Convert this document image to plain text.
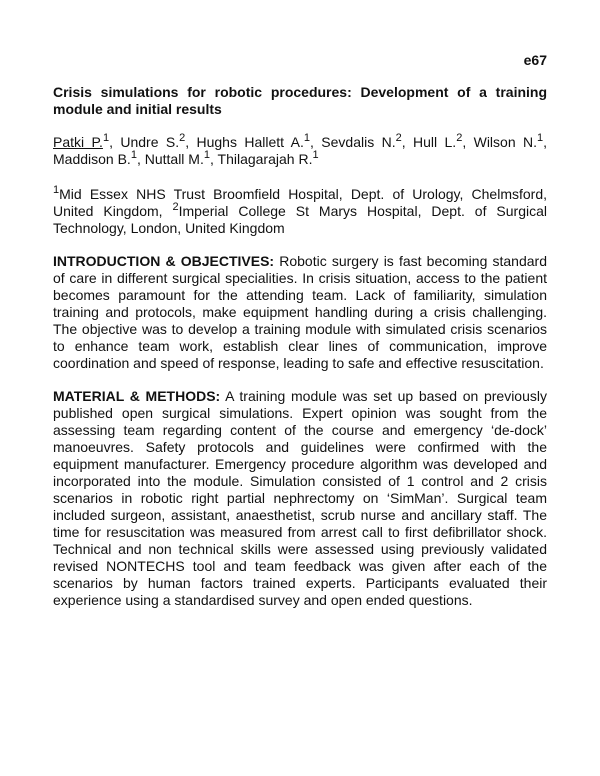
e67
Crisis simulations for robotic procedures: Development of a training module and initial results
Patki P.$^1$, Undre S.$^2$, Hughs Hallett A.$^1$, Sevdalis N.$^2$, Hull L.$^2$, Wilson N.$^1$, Maddison B.$^1$, Nuttall M.$^1$, Thilagarajah R.$^1$
$^1$Mid Essex NHS Trust Broomfield Hospital, Dept. of Urology, Chelmsford, United Kingdom, $^2$Imperial College St Marys Hospital, Dept. of Surgical Technology, London, United Kingdom
INTRODUCTION & OBJECTIVES: Robotic surgery is fast becoming standard of care in different surgical specialities. In crisis situation, access to the patient becomes paramount for the attending team. Lack of familiarity, simulation training and protocols, make equipment handling during a crisis challenging. The objective was to develop a training module with simulated crisis scenarios to enhance team work, establish clear lines of communication, improve coordination and speed of response, leading to safe and effective resuscitation.
MATERIAL & METHODS: A training module was set up based on previously published open surgical simulations. Expert opinion was sought from the assessing team regarding content of the course and emergency ‘de-dock’ manoeuvres. Safety protocols and guidelines were confirmed with the equipment manufacturer. Emergency procedure algorithm was developed and incorporated into the module. Simulation consisted of 1 control and 2 crisis scenarios in robotic right partial nephrectomy on ‘SimMan’. Surgical team included surgeon, assistant, anaesthetist, scrub nurse and ancillary staff. The time for resuscitation was measured from arrest call to first defibrillator shock. Technical and non technical skills were assessed using previously validated revised NONTECHS tool and team feedback was given after each of the scenarios by human factors trained experts. Participants evaluated their experience using a standardised survey and open ended questions.
